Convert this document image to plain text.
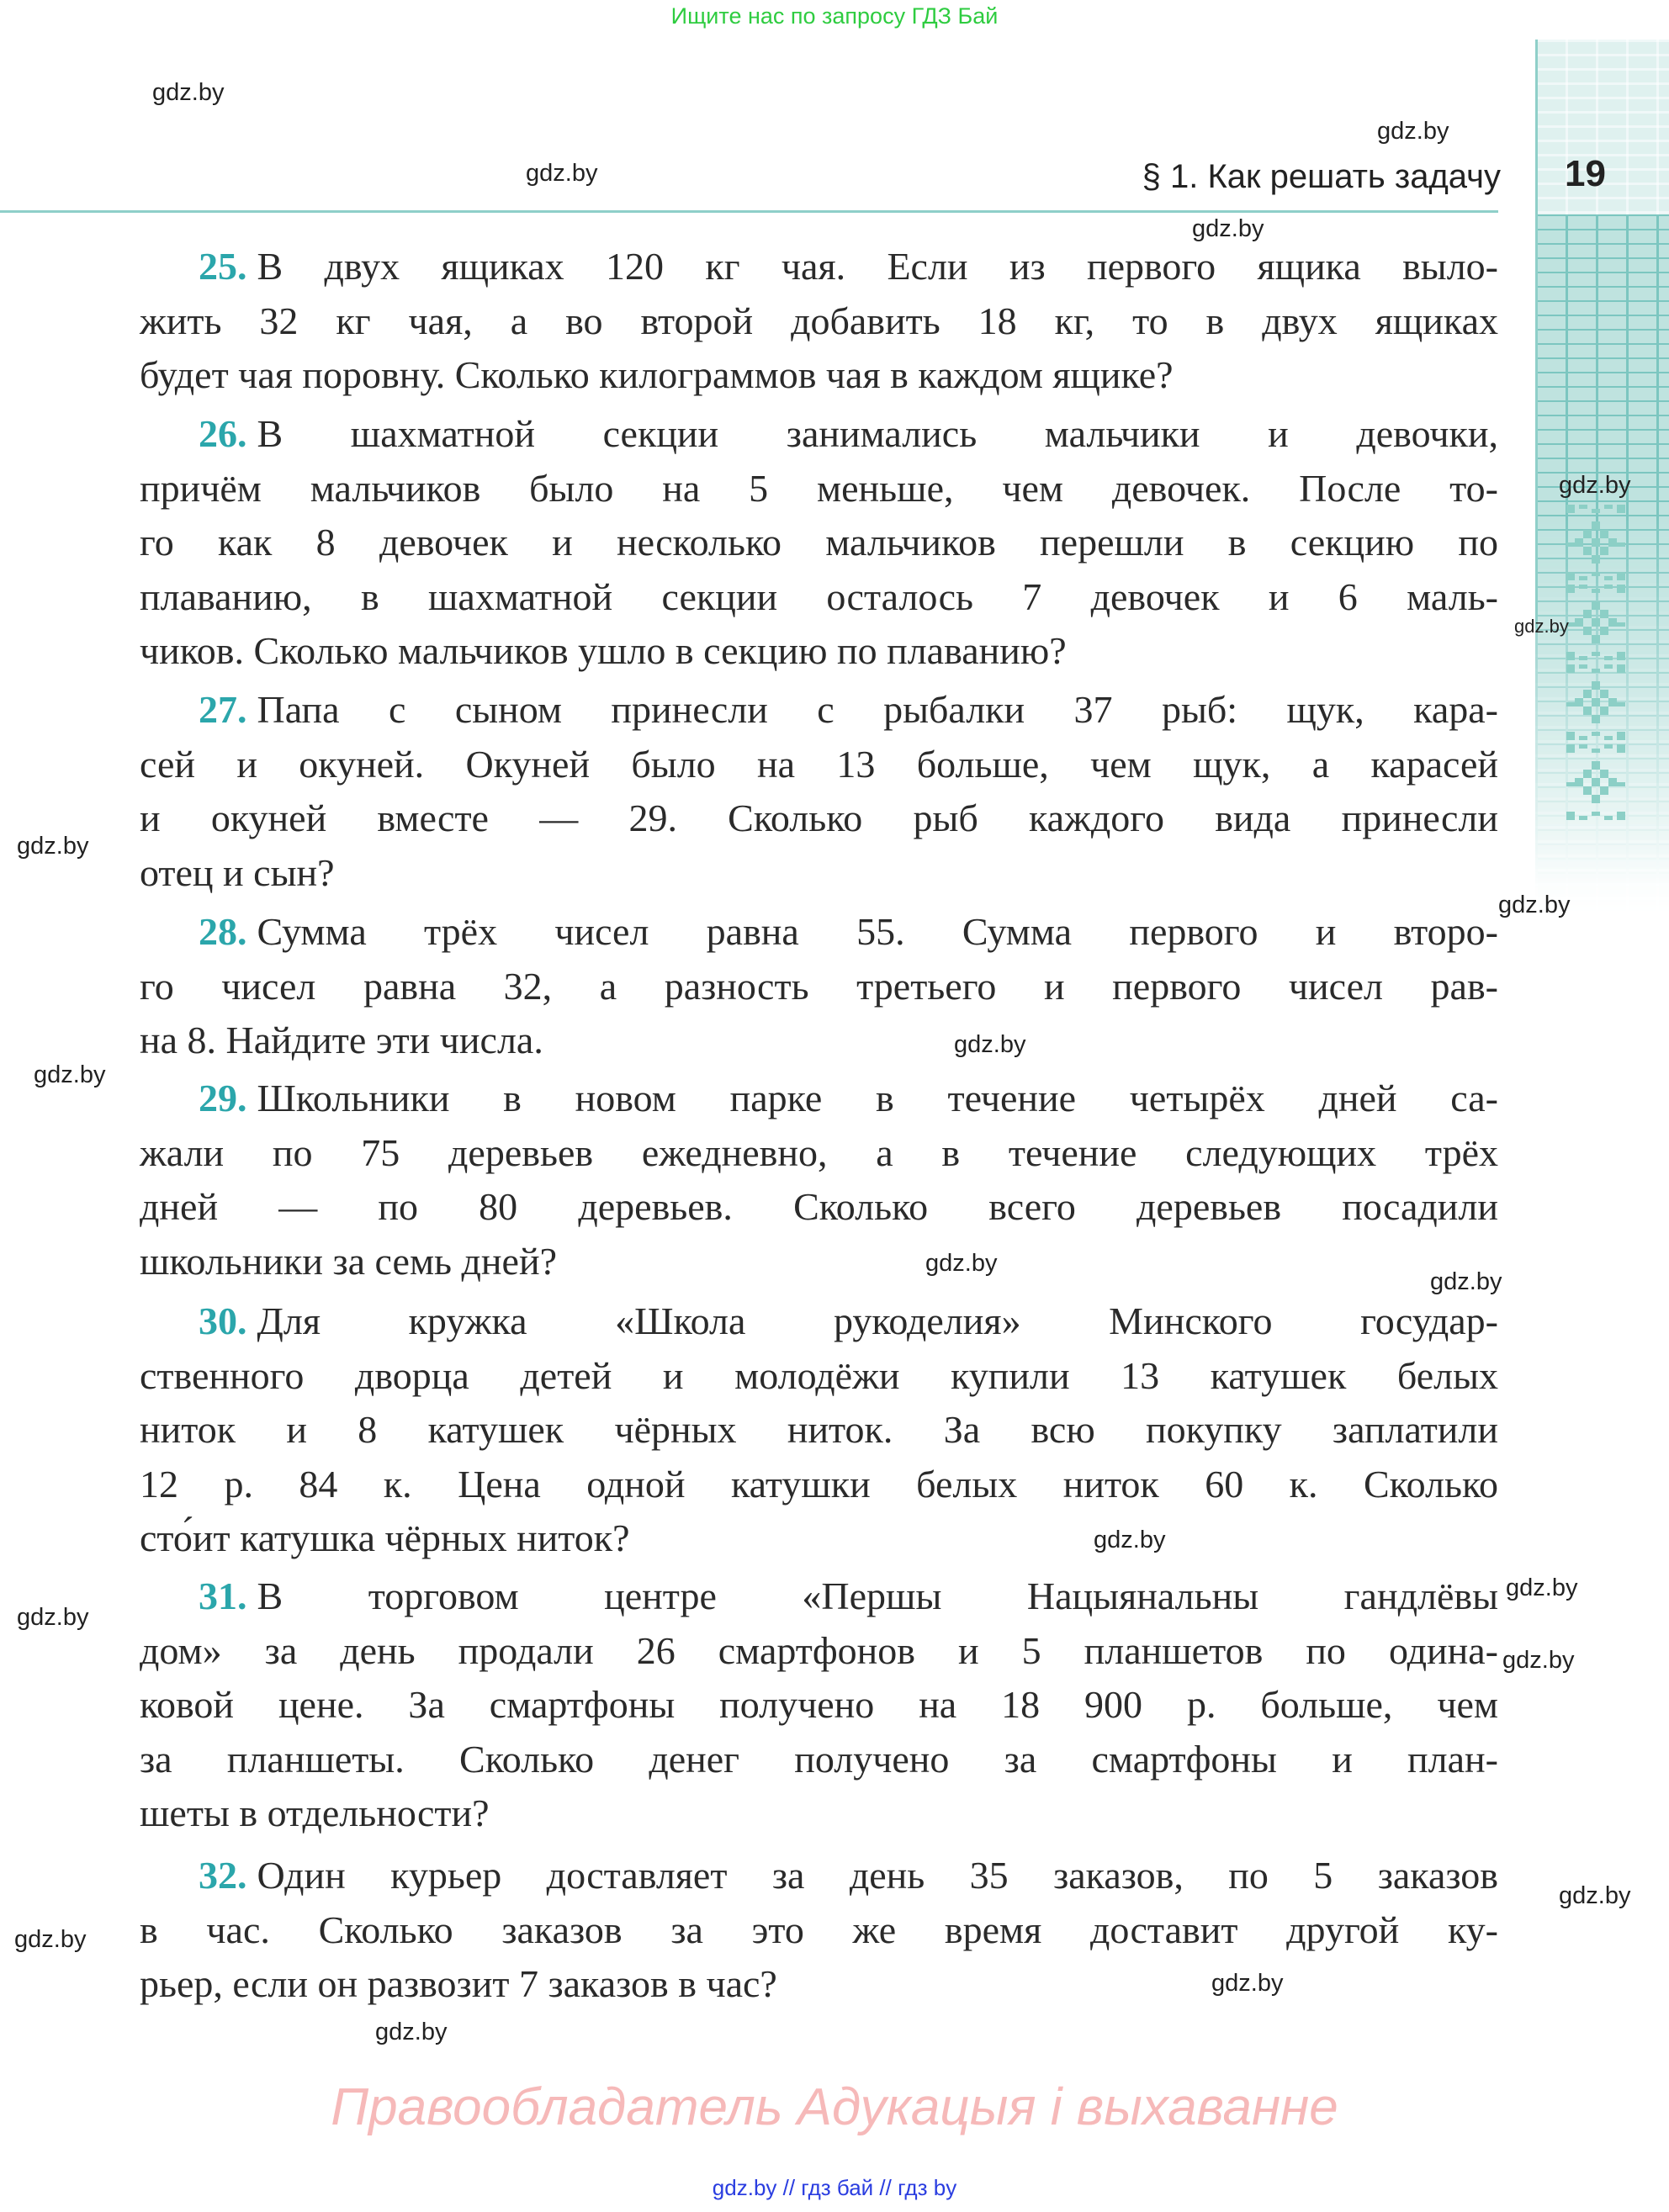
Ищите нас по запросу ГДЗ Бай
19
§ 1. Как решать задачу
25. В двух ящиках 120 кг чая. Если из первого ящика выло-
жить 32 кг чая, а во второй добавить 18 кг, то в двух ящиках
будет чая поровну. Сколько килограммов чая в каждом ящике?
26. В шахматной секции занимались мальчики и девочки,
причём мальчиков было на 5 меньше, чем девочек. После то-
го как 8 девочек и несколько мальчиков перешли в секцию по
плаванию, в шахматной секции осталось 7 девочек и 6 маль-
чиков. Сколько мальчиков ушло в секцию по плаванию?
27. Папа с сыном принесли с рыбалки 37 рыб: щук, кара-
сей и окуней. Окуней было на 13 больше, чем щук, а карасей
и окуней вместе — 29. Сколько рыб каждого вида принесли
отец и сын?
28. Сумма трёх чисел равна 55. Сумма первого и второ-
го чисел равна 32, а разность третьего и первого чисел рав-
на 8. Найдите эти числа.
29. Школьники в новом парке в течение четырёх дней са-
жали по 75 деревьев ежедневно, а в течение следующих трёх
дней — по 80 деревьев. Сколько всего деревьев посадили
школьники за семь дней?
30. Для кружка «Школа рукоделия» Минского государ-
ственного дворца детей и молодёжи купили 13 катушек белых
ниток и 8 катушек чёрных ниток. За всю покупку заплатили
12 р. 84 к. Цена одной катушки белых ниток 60 к. Сколько
сто́ит катушка чёрных ниток?
31. В торговом центре «Першы Нацыянальны гандлёвы
дом» за день продали 26 смартфонов и 5 планшетов по одина-
ковой цене. За смартфоны получено на 18 900 р. больше, чем
за планшеты. Сколько денег получено за смартфоны и план-
шеты в отдельности?
32. Один курьер доставляет за день 35 заказов, по 5 заказов
в час. Сколько заказов за это же время доставит другой ку-
рьер, если он развозит 7 заказов в час?
gdz.by
gdz.by
gdz.by
gdz.by
gdz.by
gdz.by
gdz.by
gdz.by
gdz.by
gdz.by
gdz.by
gdz.by
gdz.by
gdz.by
gdz.by
gdz.by
gdz.by
gdz.by
gdz.by
gdz.by
Правообладатель Адукацыя і выхаванне
gdz.by // гдз бай // гдз by
